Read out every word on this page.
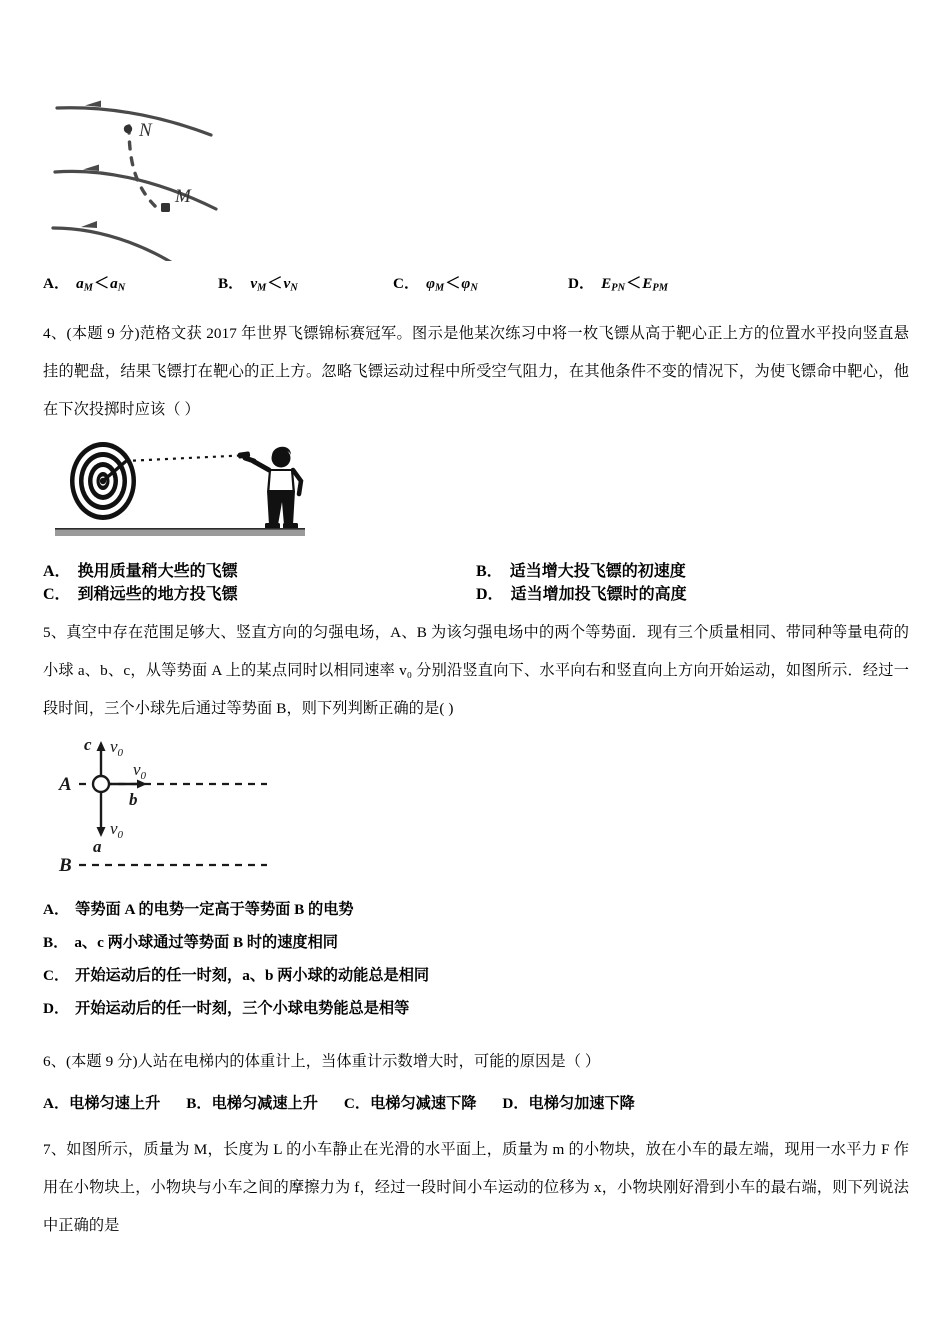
N
M
A． $a_M<a_N$	B． $v_M<v_N$	C． $\varphi_M<\varphi_N$	D． $E_{PN}<E_{PM}$
4、(本题 9 分)范格文获 2017 年世界飞镖锦标赛冠军。图示是他某次练习中将一枚飞镖从高于靶心正上方的位置水平投向竖直悬挂的靶盘，结果飞镖打在靶心的正上方。忽略飞镖运动过程中所受空气阻力，在其他条件不变的情况下，为使飞镖命中靶心，他在下次投掷时应该（ ）
A． 换用质量稍大些的飞镖	B． 适当增大投飞镖的初速度
C． 到稍远些的地方投飞镖	D． 适当增加投飞镖时的高度
5、真空中存在范围足够大、竖直方向的匀强电场，A、B 为该匀强电场中的两个等势面．现有三个质量相同、带同种等量电荷的小球 a、b、c，从等势面 A 上的某点同时以相同速率 v₀ 分别沿竖直向下、水平向右和竖直向上方向开始运动，如图所示．经过一段时间，三个小球先后通过等势面 B，则下列判断正确的是( )
A
c
b
a
$v_0$
$v_0$
$v_0$
B
A． 等势面 A 的电势一定高于等势面 B 的电势
B． a、c 两小球通过等势面 B 时的速度相同
C． 开始运动后的任一时刻，a、b 两小球的动能总是相同
D． 开始运动后的任一时刻，三个小球电势能总是相等
6、(本题 9 分)人站在电梯内的体重计上，当体重计示数增大时，可能的原因是（ ）
A．电梯匀速上升 B．电梯匀减速上升 C．电梯匀减速下降 D．电梯匀加速下降
7、如图所示，质量为 M，长度为 L 的小车静止在光滑的水平面上，质量为 m 的小物块，放在小车的最左端，现用一水平力 F 作用在小物块上，小物块与小车之间的摩擦力为 f，经过一段时间小车运动的位移为 x，小物块刚好滑到小车的最右端，则下列说法中正确的是
